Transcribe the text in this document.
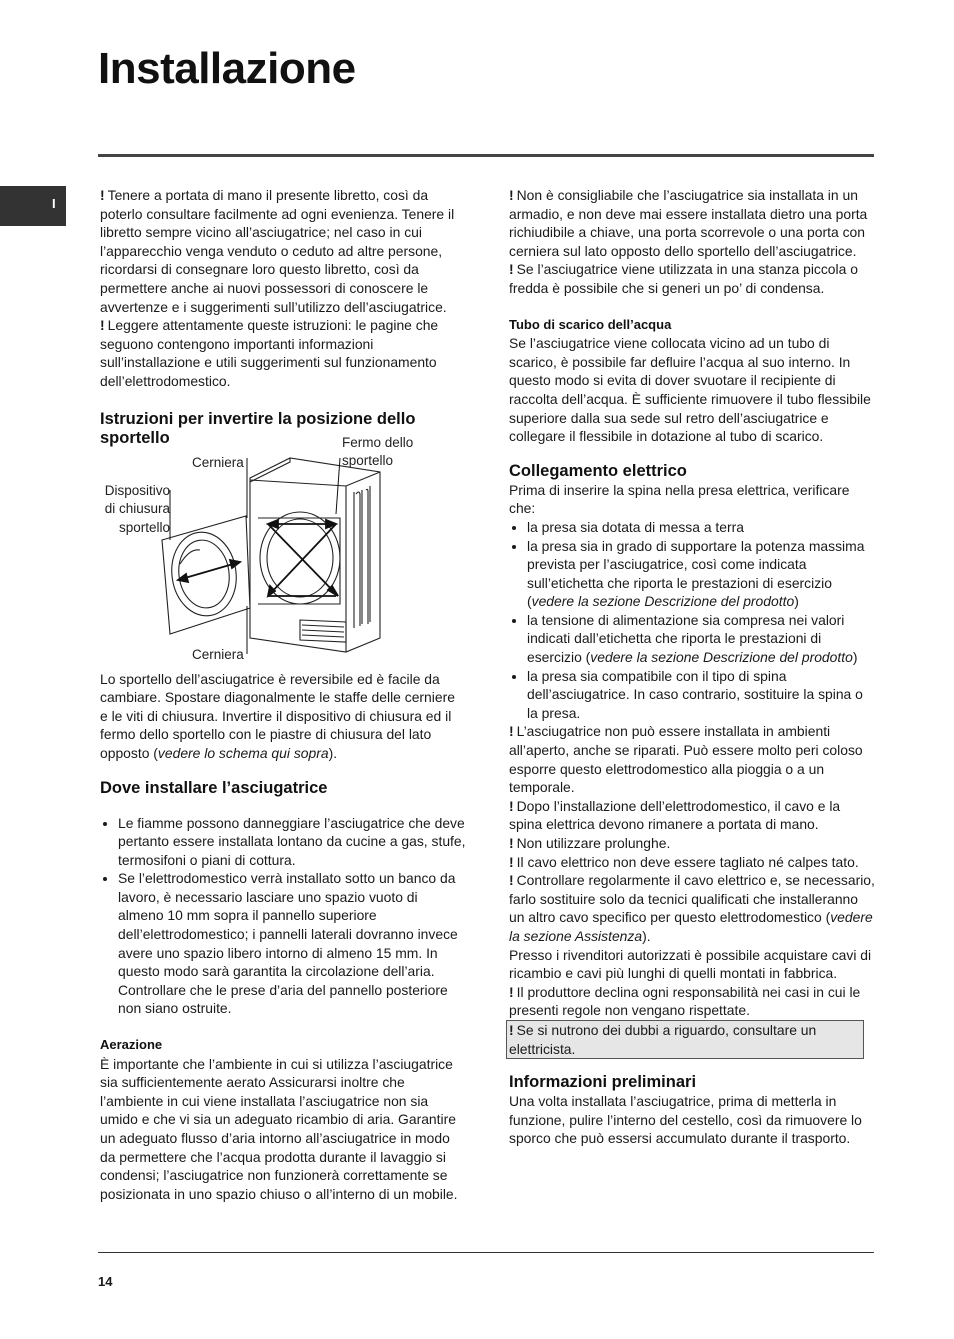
Installazione
I

! Tenere a portata di mano il presente libretto, così da poterlo consultare facilmente ad ogni evenienza. Tenere il libretto sempre vicino all’asciugatrice; nel caso in cui l’apparecchio venga venduto o ceduto ad altre persone, ricordarsi di consegnare loro questo libretto, così da permettere anche ai nuovi possessori di conoscere le avvertenze e i suggerimenti sull’utilizzo dell’asciugatrice.

! Leggere attentamente queste istruzioni: le pagine che seguono contengono importanti informazioni sull’installazione e utili suggerimenti sul funzionamento dell’elettrodomestico.

Istruzioni per invertire la posizione dello sportello
Cerniera
Fermo dello sportello
Dispositivo di chiusura sportello
Cerniera

Lo sportello dell’asciugatrice è reversibile ed è facile da cambiare. Spostare diagonalmente le staffe delle cerniere e le viti di chiusura. Invertire il dispositivo di chiusura ed il fermo dello sportello con le piastre di chiusura del lato opposto (vedere lo schema qui sopra).

Dove installare l’asciugatrice
• Le fiamme possono danneggiare l’asciugatrice che deve pertanto essere installata lontano da cucine a gas, stufe, termosifoni o piani di cottura.
• Se l’elettrodomestico verrà installato sotto un banco da lavoro, è necessario lasciare uno spazio vuoto di almeno 10 mm sopra il pannello superiore dell’elettrodomestico; i pannelli laterali dovranno invece avere uno spazio libero intorno di almeno 15 mm. In questo modo sarà garantita la circolazione dell’aria. Controllare che le prese d’aria del pannello posteriore non siano ostruite.
Aerazione

È importante che l’ambiente in cui si utilizza l’asciugatrice sia sufficientemente aerato Assicurarsi inoltre che l’ambiente in cui viene installata l’asciugatrice non sia umido e che vi sia un adeguato ricambio di aria. Garantire un adeguato flusso d’aria intorno all’asciugatrice in modo da permettere che l’acqua prodotta durante il lavaggio si condensi; l’asciugatrice non funzionerà correttamente se posizionata in uno spazio chiuso o all’interno di un mobile.

! Non è consigliabile che l’asciugatrice sia installata in un armadio, e non deve mai essere installata dietro una porta richiudibile a chiave, una porta scorrevole o una porta con cerniera sul lato opposto dello sportello dell’asciugatrice.

! Se l’asciugatrice viene utilizzata in una stanza piccola o fredda è possibile che si generi un po’ di condensa.

Tubo di scarico dell’acqua

Se l’asciugatrice viene collocata vicino ad un tubo di scarico, è possibile far defluire l’acqua al suo interno. In questo modo si evita di dover svuotare il recipiente di raccolta dell’acqua. È sufficiente rimuovere il tubo flessibile superiore dalla sua sede sul retro dell’asciugatrice e collegare il flessibile in dotazione al tubo di scarico.

Collegamento elettrico

Prima di inserire la spina nella presa elettrica, verificare che:

• la presa sia dotata di messa a terra
• la presa sia in grado di supportare la potenza massima prevista per l’asciugatrice, così come indicata sull’etichetta che riporta le prestazioni di esercizio (vedere la sezione Descrizione del prodotto)
• la tensione di alimentazione sia compresa nei valori indicati dall’etichetta che riporta le prestazioni di esercizio (vedere la sezione Descrizione del prodotto)
• la presa sia compatibile con il tipo di spina dell’asciugatrice. In caso contrario, sostituire la spina o la presa.

! L’asciugatrice non può essere installata in ambienti all’aperto, anche se riparati. Può essere molto peri coloso esporre questo elettrodomestico alla pioggia o a un temporale.

! Dopo l’installazione dell’elettrodomestico, il cavo e la spina elettrica devono rimanere a portata di mano.

! Non utilizzare prolunghe.

! Il cavo elettrico non deve essere tagliato né calpes tato.

! Controllare regolarmente il cavo elettrico e, se necessario, farlo sostituire solo da tecnici qualificati che installeranno un altro cavo specifico per questo elettrodomestico (vedere la sezione Assistenza).

Presso i rivenditori autorizzati è possibile acquistare cavi di ricambio e cavi più lunghi di quelli montati in fabbrica.

! Il produttore declina ogni responsabilità nei casi in cui le presenti regole non vengano rispettate.

! Se si nutrono dei dubbi a riguardo, consultare un elettricista.

Informazioni preliminari

Una volta installata l’asciugatrice, prima di metterla in funzione, pulire l’interno del cestello, così da rimuovere lo sporco che può essersi accumulato durante il trasporto.

14
